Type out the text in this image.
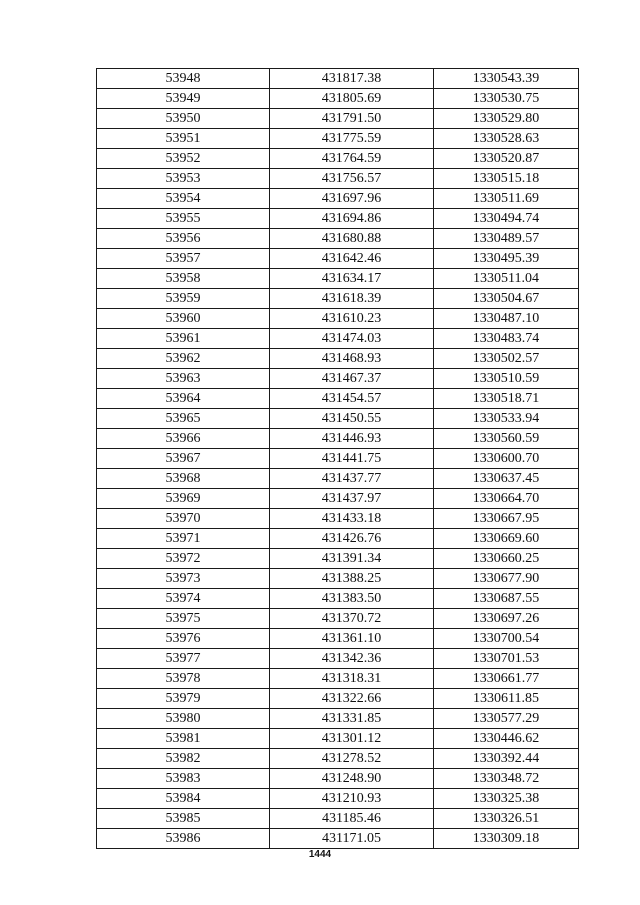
53948	431817.38	1330543.39
53949	431805.69	1330530.75
53950	431791.50	1330529.80
53951	431775.59	1330528.63
53952	431764.59	1330520.87
53953	431756.57	1330515.18
53954	431697.96	1330511.69
53955	431694.86	1330494.74
53956	431680.88	1330489.57
53957	431642.46	1330495.39
53958	431634.17	1330511.04
53959	431618.39	1330504.67
53960	431610.23	1330487.10
53961	431474.03	1330483.74
53962	431468.93	1330502.57
53963	431467.37	1330510.59
53964	431454.57	1330518.71
53965	431450.55	1330533.94
53966	431446.93	1330560.59
53967	431441.75	1330600.70
53968	431437.77	1330637.45
53969	431437.97	1330664.70
53970	431433.18	1330667.95
53971	431426.76	1330669.60
53972	431391.34	1330660.25
53973	431388.25	1330677.90
53974	431383.50	1330687.55
53975	431370.72	1330697.26
53976	431361.10	1330700.54
53977	431342.36	1330701.53
53978	431318.31	1330661.77
53979	431322.66	1330611.85
53980	431331.85	1330577.29
53981	431301.12	1330446.62
53982	431278.52	1330392.44
53983	431248.90	1330348.72
53984	431210.93	1330325.38
53985	431185.46	1330326.51
53986	431171.05	1330309.18
1444
